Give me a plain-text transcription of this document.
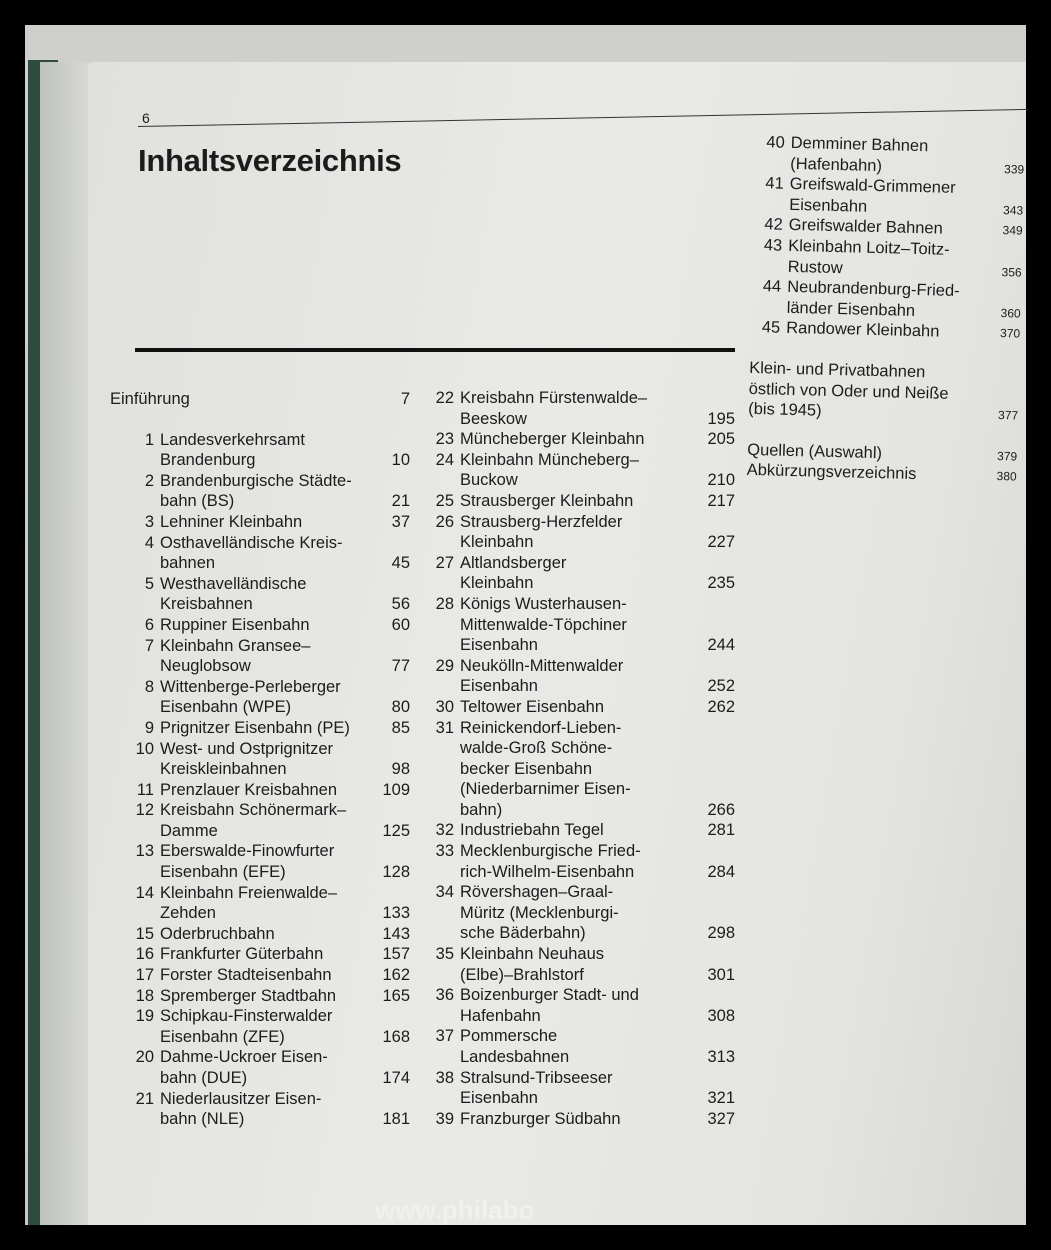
6
Inhaltsverzeichnis
Einführung	7
1 Landesverkehrsamt
Brandenburg	10
2 Brandenburgische Städte-
bahn (BS)	21
3 Lehniner Kleinbahn	37
4 Osthavelländische Kreis-
bahnen	45
5 Westhavelländische
Kreisbahnen	56
6 Ruppiner Eisenbahn	60
7 Kleinbahn Gransee–
Neuglobsow	77
8 Wittenberge-Perleberger
Eisenbahn (WPE)	80
9 Prignitzer Eisenbahn (PE)	85
10 West- und Ostprignitzer
Kreiskleinbahnen	98
11 Prenzlauer Kreisbahnen	109
12 Kreisbahn Schönermark–
Damme	125
13 Eberswalde-Finowfurter
Eisenbahn (EFE)	128
14 Kleinbahn Freienwalde–
Zehden	133
15 Oderbruchbahn	143
16 Frankfurter Güterbahn	157
17 Forster Stadteisenbahn	162
18 Spremberger Stadtbahn	165
19 Schipkau-Finsterwalder
Eisenbahn (ZFE)	168
20 Dahme-Uckroer Eisen-
bahn (DUE)	174
21 Niederlausitzer Eisen-
bahn (NLE)	181
22 Kreisbahn Fürstenwalde–
Beeskow	195
23 Müncheberger Kleinbahn	205
24 Kleinbahn Müncheberg–
Buckow	210
25 Strausberger Kleinbahn	217
26 Strausberg-Herzfelder
Kleinbahn	227
27 Altlandsberger
Kleinbahn	235
28 Königs Wusterhausen-
Mittenwalde-Töpchiner
Eisenbahn	244
29 Neukölln-Mittenwalder
Eisenbahn	252
30 Teltower Eisenbahn	262
31 Reinickendorf-Lieben-
walde-Groß Schöne-
becker Eisenbahn
(Niederbarnimer Eisen-
bahn)	266
32 Industriebahn Tegel	281
33 Mecklenburgische Fried-
rich-Wilhelm-Eisenbahn	284
34 Rövershagen–Graal-
Müritz (Mecklenburgi-
sche Bäderbahn)	298
35 Kleinbahn Neuhaus
(Elbe)–Brahlstorf	301
36 Boizenburger Stadt- und
Hafenbahn	308
37 Pommersche
Landesbahnen	313
38 Stralsund-Tribseeser
Eisenbahn	321
39 Franzburger Südbahn	327
40 Demminer Bahnen
(Hafenbahn)	339
41 Greifswald-Grimmener
Eisenbahn	343
42 Greifswalder Bahnen	349
43 Kleinbahn Loitz–Toitz-
Rustow	356
44 Neubrandenburg-Fried-
länder Eisenbahn	360
45 Randower Kleinbahn	370
Klein- und Privatbahnen
östlich von Oder und Neiße
(bis 1945)	377
Quellen (Auswahl)	379
Abkürzungsverzeichnis	380
www.philabo
